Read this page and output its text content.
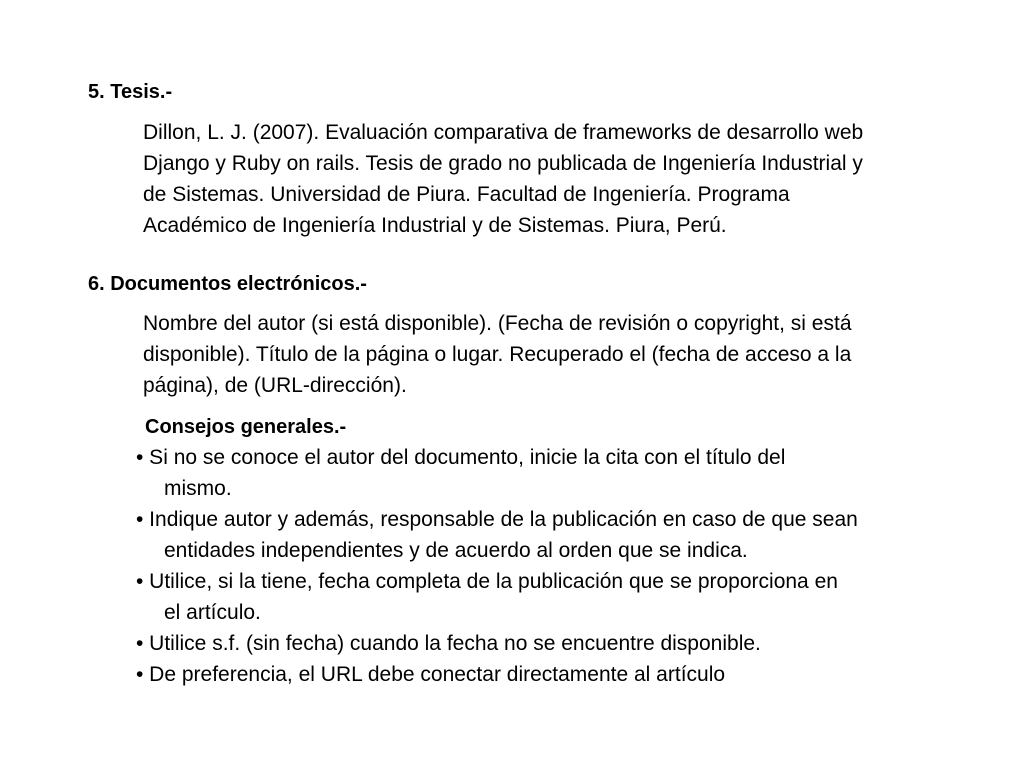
5. Tesis.-
Dillon, L. J. (2007). Evaluación comparativa de frameworks de desarrollo web
Django y Ruby on rails. Tesis de grado no publicada de Ingeniería Industrial y
de Sistemas. Universidad de Piura. Facultad de Ingeniería. Programa
Académico de Ingeniería Industrial y de Sistemas. Piura, Perú.
6. Documentos electrónicos.-
Nombre del autor (si está disponible). (Fecha de revisión o copyright, si está
disponible). Título de la página o lugar. Recuperado el (fecha de acceso a la
página), de (URL-dirección).
Consejos generales.-
• Si no se conoce el autor del documento, inicie la cita con el título del
mismo.
• Indique autor y además, responsable de la publicación en caso de que sean
entidades independientes y de acuerdo al orden que se indica.
• Utilice, si la tiene, fecha completa de la publicación que se proporciona en
el artículo.
• Utilice s.f. (sin fecha) cuando la fecha no se encuentre disponible.
• De preferencia, el URL debe conectar directamente al artículo
